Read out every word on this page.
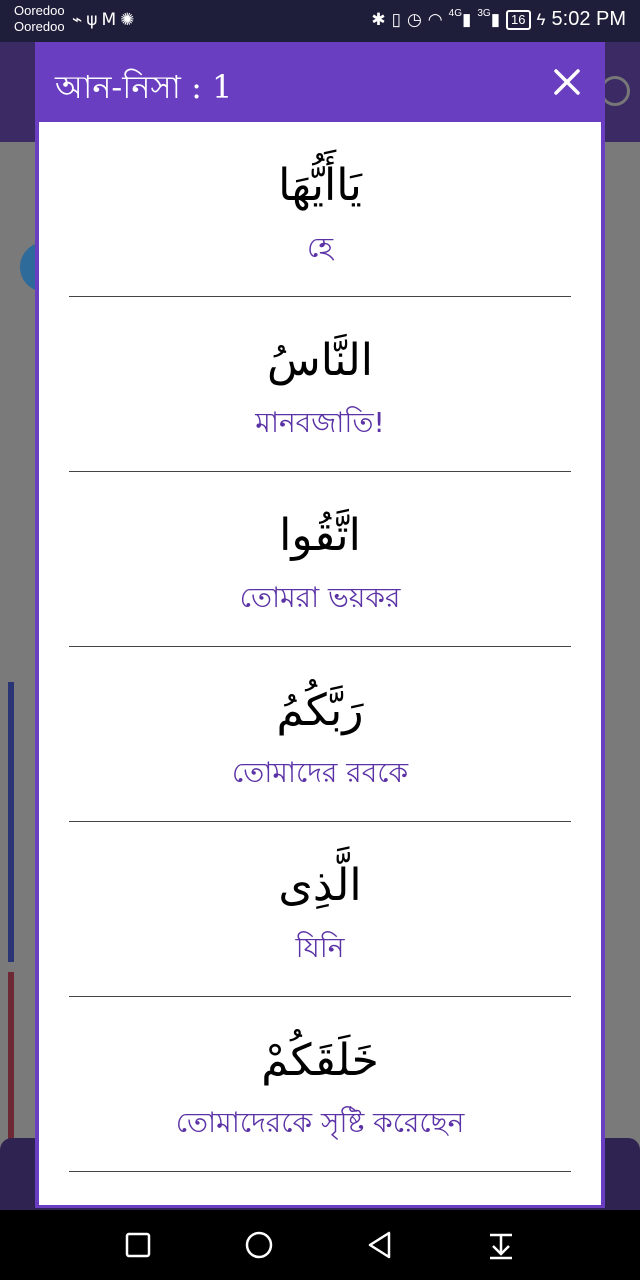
Ooredoo
Ooredoo ⌁ψM✺	✱ ▯ ◷ ◠ $^{4G}$▮ $^{3G}$▮ 16 ϟ 5:02 PM
আন-নিসা : 1
يَاأَيُّهَا
হে
النَّاسُ
মানবজাতি!
اتَّقُوا
তোমরা ভয়কর
رَبَّكُمُ
তোমাদের রবকে
الَّذِى
যিনি
خَلَقَكُمْ
তোমাদেরকে সৃষ্টি করেছেন
